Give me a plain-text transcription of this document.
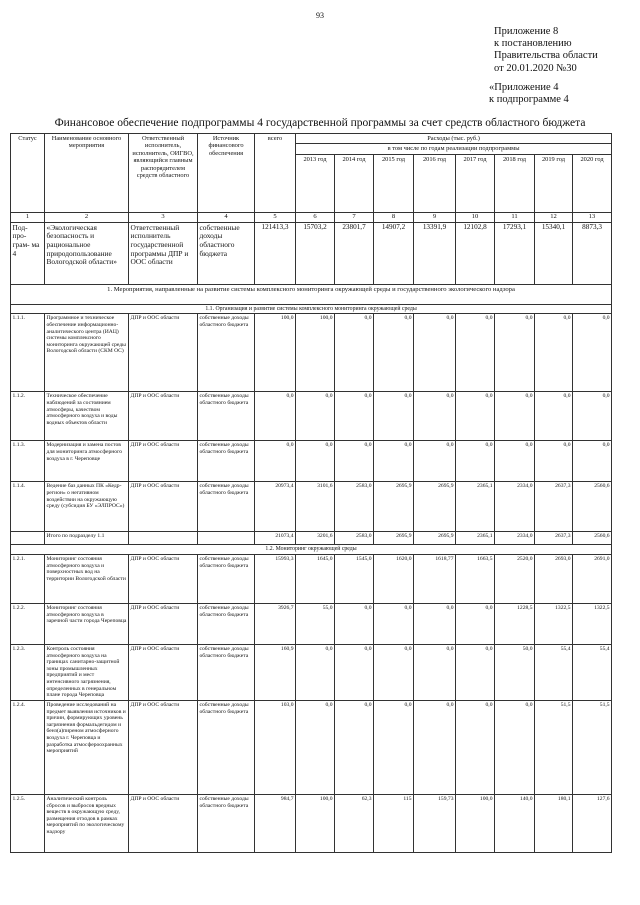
93
Приложение 8
к постановлению
Правительства области
от 20.01.2020 №30
«Приложение 4
к подпрограмме 4
Финансовое обеспечение подпрограммы 4 государственной программы за счет средств областного бюджета
Статус	Наименование основного мероприятия	Ответственный исполнитель, исполнитель, ОИГВО, являющийся главным распорядителем средств областного	Источник финансового обеспечения	всего	Расходы (тыс. руб.)							
					в том числе по годам реализации подпрограммы							
					2013 год	2014 год	2015 год	2016 год	2017 год	2018 год	2019 год	2020 год
1	2	3	4	5	6	7	8	9	10	11	12	13
Под- про- грам- ма 4	«Экологическая безопасность и рациональное природопользование Вологодской области»	Ответственный исполнитель государственной программы ДПР и ООС области	собственные доходы областного бюджета	121413,3	15703,2	23801,7	14907,2	13391,9	12102,8	17293,1	15340,1	8873,3
1. Мероприятия, направленные на развитие системы комплексного мониторинга окружающей среды и государственного экологического надзора												
1.1. Организация и развитие системы комплексного мониторинга окружающей среды												
1.1.1.	Программное и техническое обеспечение информационно-аналитического центра (ИАЦ) системы комплексного мониторинга окружающей среды Вологодской области (СКМ ОС)	ДПР и ООС области	собственные доходы областного бюджета	100,0	100,0	0,0	0,0	0,0	0,0	0,0	0,0	0,0
1.1.2.	Техническое обеспечение наблюдений за состоянием атмосферы, качеством атмосферного воздуха и воды водных объектов области	ДПР и ООС области	собственные доходы областного бюджета	0,0	0,0	0,0	0,0	0,0	0,0	0,0	0,0	0,0
1.1.3.	Модернизация и замена постов для мониторинга атмосферного воздуха в г. Череповце	ДПР и ООС области	собственные доходы областного бюджета	0,0	0,0	0,0	0,0	0,0	0,0	0,0	0,0	0,0
1.1.4.	Ведение баз данных ПК «Кедр-регион» о негативном воздействии на окружающую среду (субсидия БУ «ЭЛПРОС»)	ДПР и ООС области	собственные доходы областного бюджета	20973,4	3101,6	2583,0	2695,9	2695,9	2365,1	2334,0	2637,3	2560,6
	Итого по подразделу 1.1			21073,4	3201,6	2583,0	2695,9	2695,9	2365,1	2334,0	2637,3	2560,6
1.2. Мониторинг окружающей среды												
1.2.1.	Мониторинг состояния атмосферного воздуха и поверхностных вод на территории Вологодской области	ДПР и ООС области	собственные доходы областного бюджета	15993,3	1645,0	1545,0	1620,0	1618,77	1663,5	2520,0	2693,0	2691,0
1.2.2.	Мониторинг состояния атмосферного воздуха в заречной части города Череповца	ДПР и ООС области	собственные доходы областного бюджета	3926,7	55,0	0,0	0,0	0,0	0,0	1228,5	1322,5	1322,5
1.2.3.	Контроль состояния атмосферного воздуха на границах санитарно-защитной зоны промышленных предприятий и мест интенсивного загрязнения, определенных в генеральном плане города Череповца	ДПР и ООС области	собственные доходы областного бюджета	160,9	0,0	0,0	0,0	0,0	0,0	50,0	55,4	55,4
1.2.4.	Проведение исследований на предмет выявления источников и причин, формирующих уровень загрязнения формальдегидом и бенз(а)пиреном атмосферного воздуха г. Череповца и разработка атмосфероохранных мероприятий	ДПР и ООС области	собственные доходы областного бюджета	103,0	0,0	0,0	0,0	0,0	0,0	0,0	51,5	51,5
1.2.5.	Аналитический контроль сбросов и выбросов вредных веществ в окружающую среду, размещения отходов в рамках мероприятий по экологическому надзору	ДПР и ООС области	собственные доходы областного бюджета	984,7	100,0	62,3	115	159,73	100,0	140,0	180,1	127,6
